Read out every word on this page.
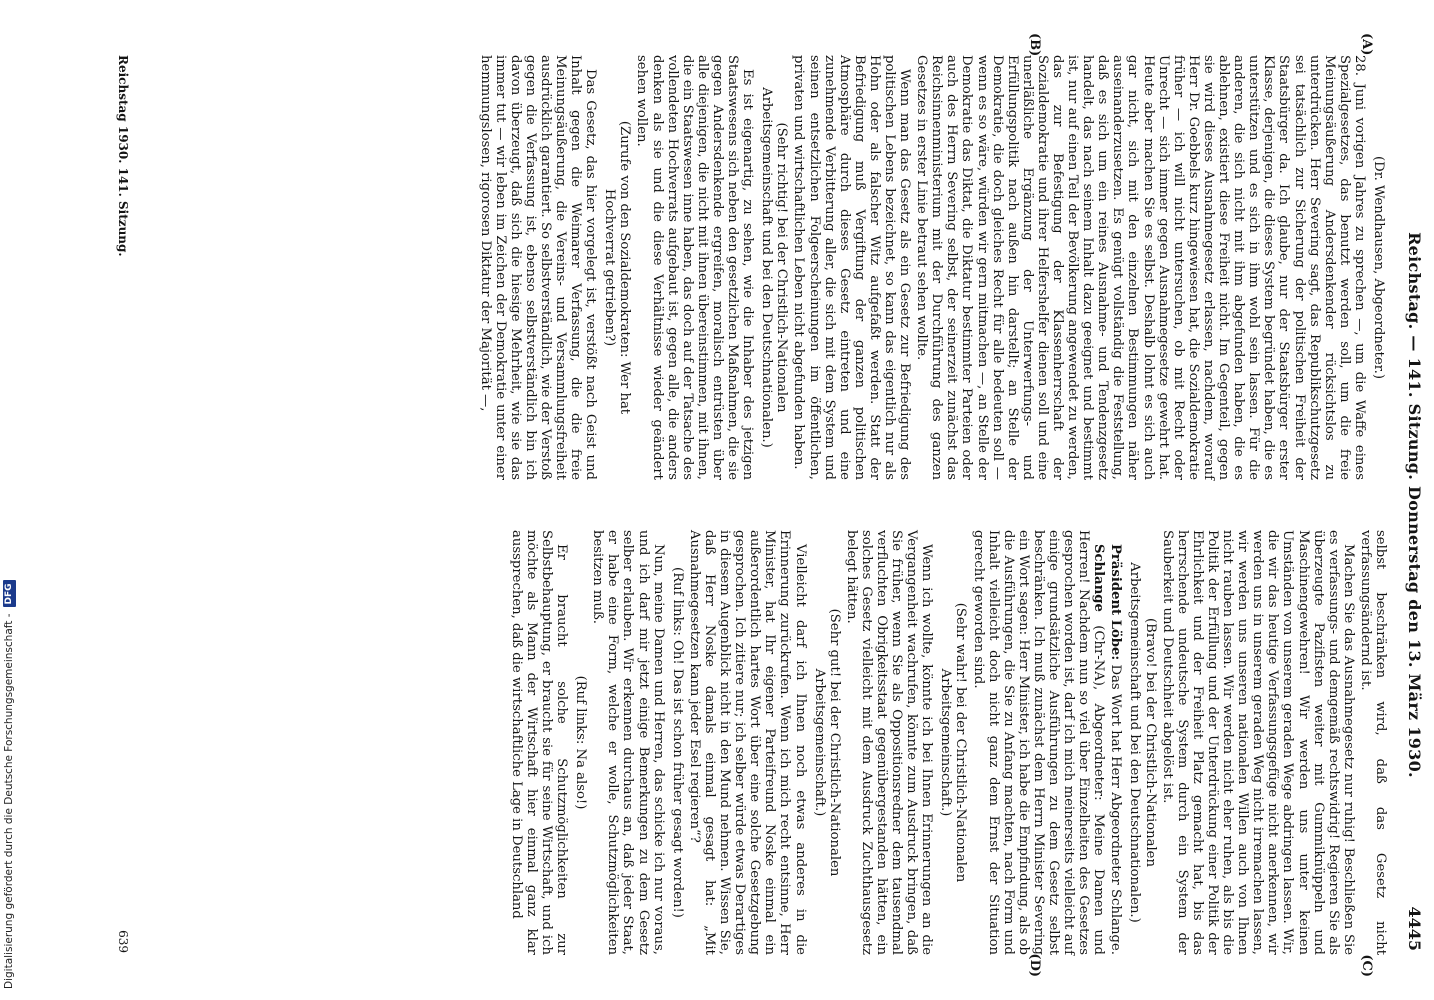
Digitalisierung gefördert durch die Deutsche Forschungsgemeinschaft -
DFG	Reichstag. — 141. Sitzung. Donnerstag den 13. März 1930.
4445
(A)
(B)
(C)
(D)

(Dr. Wendhausen, Abgeordneter.)

28. Juni vorigen Jahres zu sprechen —, um die Waffe eines Spezialgesetzes, das benutzt werden soll, um die freie Meinungsäußerung Andersdenkender rücksichtslos zu unterdrücken. Herr Severing sagt, das Republikschutzgesetz sei tatsächlich zur Sicherung der politischen Freiheit der Staatsbürger da. Ich glaube, nur der Staatsbürger erster Klasse, derjenigen, die dieses System begründet haben, die es unterstützen und es sich in ihm wohl sein lassen. Für die anderen, die sich nicht mit ihm abgefunden haben, die es ablehnen, existiert diese Freiheit nicht. Im Gegenteil, gegen sie wird dieses Ausnahmegesetz erlassen, nachdem, worauf Herr Dr. Goebbels kurz hingewiesen hat, die Sozialdemokratie früher — ich will nicht untersuchen, ob mit Recht oder Unrecht — sich immer gegen Ausnahmegesetze gewehrt hat. Heute aber machen Sie es selbst. Deshalb lohnt es sich auch gar nicht, sich mit den einzelnen Bestimmungen näher auseinanderzusetzen. Es genügt vollständig die Feststellung, daß es sich um ein reines Ausnahme- und Tendenzgesetz handelt, das nach seinem Inhalt dazu geeignet und bestimmt ist, nur auf einen Teil der Bevölkerung angewendet zu werden, das zur Befestigung der Klassenherrschaft der Sozialdemokratie und ihrer Helfershelfer dienen soll und eine unerläßliche Ergänzung der Unterwerfungs- und Erfüllungspolitik nach außen hin darstellt; an Stelle der Demokratie, die doch gleiches Recht für alle bedeuten soll — wenn es so wäre, würden wir gern mitmachen —, an Stelle der Demokratie das Diktat, die Diktatur bestimmter Parteien oder auch des Herrn Severing selbst, der seinerzeit zunächst das Reichsinnenministerium mit der Durchführung des ganzen Gesetzes in erster Linie betraut sehen wollte.

Wenn man das Gesetz als ein Gesetz zur Befriedigung des politischen Lebens bezeichnet, so kann das eigentlich nur als Hohn oder als falscher Witz aufgefaßt werden. Statt der Befriedigung muß Vergiftung der ganzen politischen Atmosphäre durch dieses Gesetz eintreten und eine zunehmende Verbitterung aller, die sich mit dem System und seinen entsetzlichen Folgeerscheinungen im öffentlichen, privaten und wirtschaftlichen Leben nicht abgefunden haben.

(Sehr richtig! bei der Christlich-Nationalen Arbeitsgemeinschaft und bei den Deutschnationalen.)

Es ist eigenartig, zu sehen, wie die Inhaber des jetzigen Staatswesens sich neben den gesetzlichen Maßnahmen, die sie gegen Andersdenkende ergreifen, moralisch entrüsten über alle diejenigen, die nicht mit ihnen übereinstimmen, mit ihnen, die ein Staatswesen inne haben, das doch auf der Tatsache des vollendeten Hochverrats aufgebaut ist, gegen alle, die anders denken als sie und die diese Verhältnisse wieder geändert sehen wollen.

(Zurufe von den Sozialdemokraten: Wer hat Hochverrat getrieben?)

Das Gesetz, das hier vorgelegt ist, verstößt nach Geist und Inhalt gegen die Weimarer Verfassung, die die freie Meinungsäußerung, die Vereins- und Versammlungsfreiheit ausdrücklich garantiert. So selbstverständlich, wie der Verstoß gegen die Verfassung ist, ebenso selbstverständlich bin ich davon überzeugt, daß sich die hiesige Mehrheit, wie sie das immer tut — wir leben im Zeichen der Demokratie unter einer hemmungslosen, rigorosen Diktatur der Majorität —,

selbst beschränken wird, daß das Gesetz nicht verfassungsändernd ist.

Machen Sie das Ausnahmegesetz nur ruhig! Beschließen Sie es verfassungs- und demgemäß rechtswidrig! Regieren Sie als überzeugte Pazifisten weiter mit Gummiknüppeln und Maschinengewehren! Wir werden uns unter keinen Umständen von unserem geraden Wege abdringen lassen. Wir, die wir das heutige Verfassungsgefüge nicht anerkennen, wir werden uns in unserem geraden Weg nicht irremachen lassen, wir werden uns unseren nationalen Willen auch von Ihnen nicht rauben lassen. Wir werden nicht eher ruhen, als bis die Politik der Erfüllung und der Unterdrückung einer Politik der Ehrlichkeit und der Freiheit Platz gemacht hat, bis das herrschende undeutsche System durch ein System der Sauberkeit und Deutschheit abgelöst ist.

(Bravo! bei der Christlich-Nationalen Arbeitsgemeinschaft und bei den Deutschnationalen.)

Präsident Löbe: Das Wort hat Herr Abgeordneter Schlange.

Schlange (Chr-NA), Abgeordneter: Meine Damen und Herren! Nachdem nun so viel über Einzelheiten des Gesetzes gesprochen worden ist, darf ich mich meinerseits vielleicht auf einige grundsätzliche Ausführungen zu dem Gesetz selbst beschränken. Ich muß zunächst dem Herrn Minister Severing ein Wort sagen: Herr Minister, ich habe die Empfindung, als ob die Ausführungen, die Sie zu Anfang machten, nach Form und Inhalt vielleicht doch nicht ganz dem Ernst der Situation gerecht geworden sind.

(Sehr wahr! bei der Christlich-Nationalen Arbeitsgemeinschaft.)

Wenn ich wollte, könnte ich bei Ihnen Erinnerungen an die Vergangenheit wachrufen, könnte zum Ausdruck bringen, daß Sie früher, wenn Sie als Oppositionsredner dem tausendmal verfluchten Obrigkeitsstaat gegenübergestanden hätten, ein solches Gesetz vielleicht mit dem Ausdruck Zuchthausgesetz belegt hätten.

(Sehr gut! bei der Christlich-Nationalen Arbeitsgemeinschaft.)

Vielleicht darf ich Ihnen noch etwas anderes in die Erinnerung zurückrufen. Wenn ich mich recht entsinne, Herr Minister, hat Ihr eigener Parteifreund Noske einmal ein außerordentlich hartes Wort über eine solche Gesetzgebung gesprochen. Ich zitiere nur; ich selber würde etwas Derartiges in diesem Augenblick nicht in den Mund nehmen. Wissen Sie, daß Herr Noske damals einmal gesagt hat: „Mit Ausnahmegesetzen kann jeder Esel regieren“?

(Ruf links: Oh! Das ist schon früher gesagt worden!)

Nun, meine Damen und Herren, das schicke ich nur voraus, und ich darf mir jetzt einige Bemerkungen zu dem Gesetz selber erlauben. Wir erkennen durchaus an, daß jeder Staat, er habe eine Form, welche er wolle, Schutzmöglichkeiten besitzen muß.

(Ruf links: Na also!)

Er braucht solche Schutzmöglichkeiten zur Selbstbehauptung, er braucht sie für seine Wirtschaft, und ich möchte als Mann der Wirtschaft hier einmal ganz klar aussprechen, daß die wirtschaftliche Lage in Deutschland

Reichstag 1930. 141. Sitzung.
639
